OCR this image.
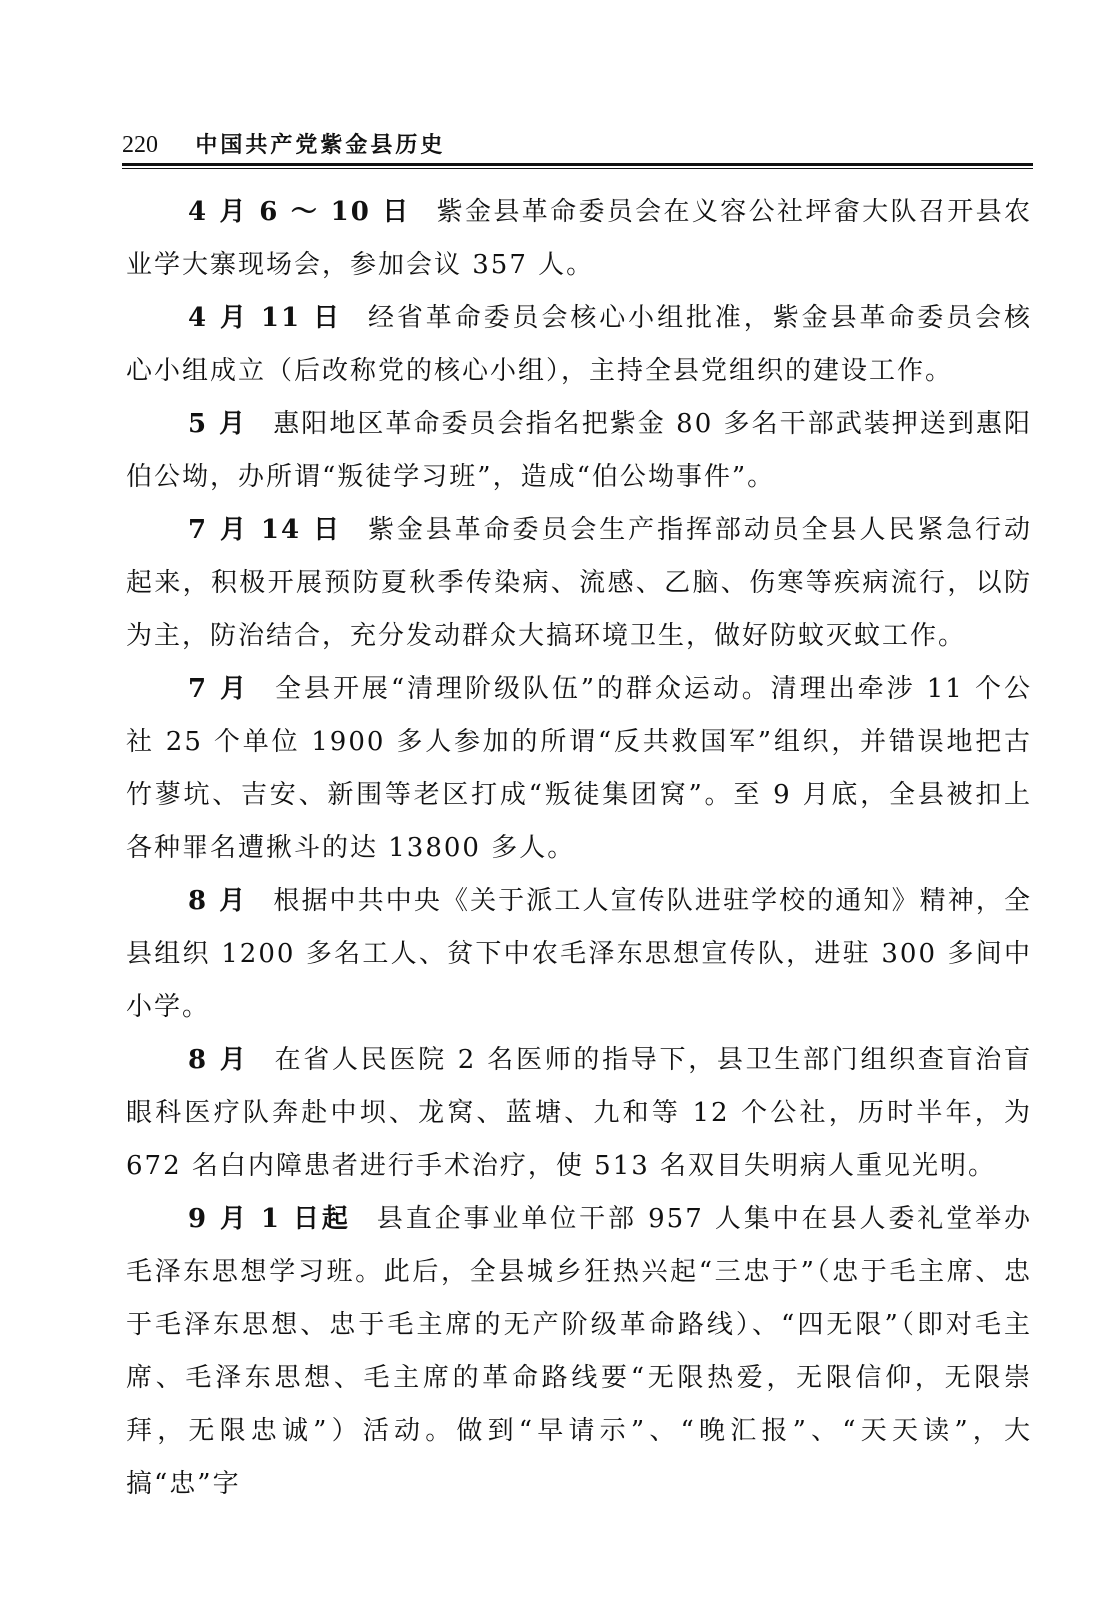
220 中国共产党紫金县历史

4 月 6 ～ 10 日 紫金县革命委员会在义容公社坪畲大队召开县农业学大寨现场会，参加会议 357 人。

4 月 11 日 经省革命委员会核心小组批准，紫金县革命委员会核心小组成立（后改称党的核心小组），主持全县党组织的建设工作。

5 月 惠阳地区革命委员会指名把紫金 80 多名干部武装押送到惠阳伯公坳，办所谓“叛徒学习班”，造成“伯公坳事件”。

7 月 14 日 紫金县革命委员会生产指挥部动员全县人民紧急行动起来，积极开展预防夏秋季传染病、流感、乙脑、伤寒等疾病流行，以防为主，防治结合，充分发动群众大搞环境卫生，做好防蚊灭蚊工作。

7 月 全县开展“清理阶级队伍”的群众运动。清理出牵涉 11 个公社 25 个单位 1900 多人参加的所谓“反共救国军”组织，并错误地把古竹蓼坑、吉安、新围等老区打成“叛徒集团窝”。至 9 月底，全县被扣上各种罪名遭揪斗的达 13800 多人。

8 月 根据中共中央《关于派工人宣传队进驻学校的通知》精神，全县组织 1200 多名工人、贫下中农毛泽东思想宣传队，进驻 300 多间中小学。

8 月 在省人民医院 2 名医师的指导下，县卫生部门组织查盲治盲眼科医疗队奔赴中坝、龙窝、蓝塘、九和等 12 个公社，历时半年，为 672 名白内障患者进行手术治疗，使 513 名双目失明病人重见光明。

9 月 1 日起 县直企事业单位干部 957 人集中在县人委礼堂举办毛泽东思想学习班。此后，全县城乡狂热兴起“三忠于”（忠于毛主席、忠于毛泽东思想、忠于毛主席的无产阶级革命路线）、“四无限”（即对毛主席、毛泽东思想、毛主席的革命路线要“无限热爱，无限信仰，无限崇拜，无限忠诚”）活动。做到“早请示”、“晚汇报”、“天天读”，大搞“忠”字
